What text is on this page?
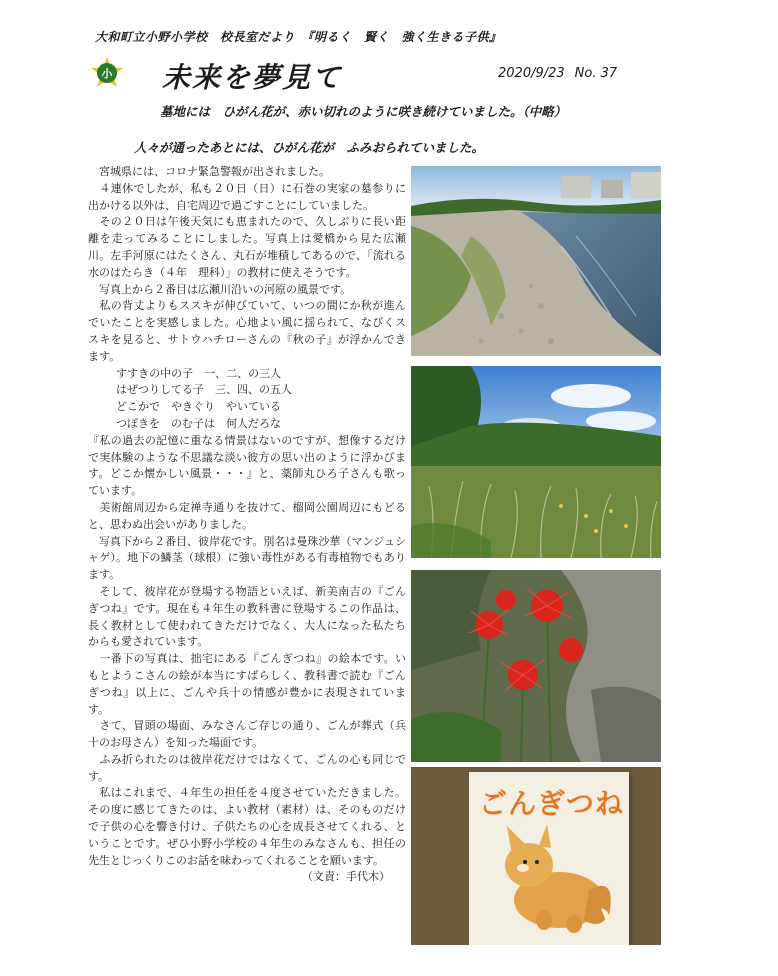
大和町立小野小学校　校長室だより　『明るく　賢く　強く生きる子供』
小 未来を夢見て	2020/9/23 No. 37
墓地には　ひがん花が、赤い切れのように咲き続けていました。（中略）
人々が通ったあとには、ひがん花が　ふみおられていました。

　宮城県には、コロナ緊急警報が出されました。

　４連休でしたが、私も２０日（日）に石巻の実家の墓参りに出かける以外は、自宅周辺で過ごすことにしていました。

　その２０日は午後天気にも恵まれたので、久しぶりに長い距離を走ってみることにしました。写真上は愛橋から見た広瀬川。左手河原にはたくさん、丸石が堆積してあるので、「流れる水のはたらき（４年　理科）」の教材に使えそうです。

　写真上から２番目は広瀬川沿いの河原の風景です。

　私の背丈よりもススキが伸びていて、いつの間にか秋が進んでいたことを実感しました。心地よい風に揺られて、なびくススキを見ると、サトウハチローさんの『秋の子』が浮かんできます。

すすきの中の子　一、二、の三人

はぜつりしてる子　三、四、の五人

どこかで　やきぐり　やいている

つぼきを　のむ子は　何人だろな

『私の過去の記憶に重なる情景はないのですが、想像するだけで実体験のような不思議な淡い彼方の思い出のように浮かびます。どこか懐かしい風景・・・』と、薬師丸ひろ子さんも歌っています。

　美術館周辺から定禅寺通りを抜けて、榴岡公園周辺にもどると、思わぬ出会いがありました。

　写真下から２番目、彼岸花です。別名は曼珠沙華（マンジュシャゲ）。地下の鱗茎（球根）に強い毒性がある有毒植物でもあります。

　そして、彼岸花が登場する物語といえば、新美南吉の『ごんぎつね』です。現在も４年生の教科書に登場するこの作品は、長く教材として使われてきただけでなく、大人になった私たちからも愛されています。

　一番下の写真は、拙宅にある『ごんぎつね』の絵本です。いもとようこさんの絵が本当にすばらしく、教科書で読む『ごんぎつね』以上に、ごんや兵十の情感が豊かに表現されています。

　さて、冒頭の場面、みなさんご存じの通り、ごんが葬式（兵十のお母さん）を知った場面です。

　ふみ折られたのは彼岸花だけではなくて、ごんの心も同じです。

　私はこれまで、４年生の担任を４度させていただきました。その度に感じてきたのは、よい教材（素材）は、そのものだけで子供の心を響き付け、子供たちの心を成長させてくれる、ということです。ぜひ小野小学校の４年生のみなさんも、担任の先生とじっくりこのお話を味わってくれることを願います。

（文責：手代木）

ごんぎつね
